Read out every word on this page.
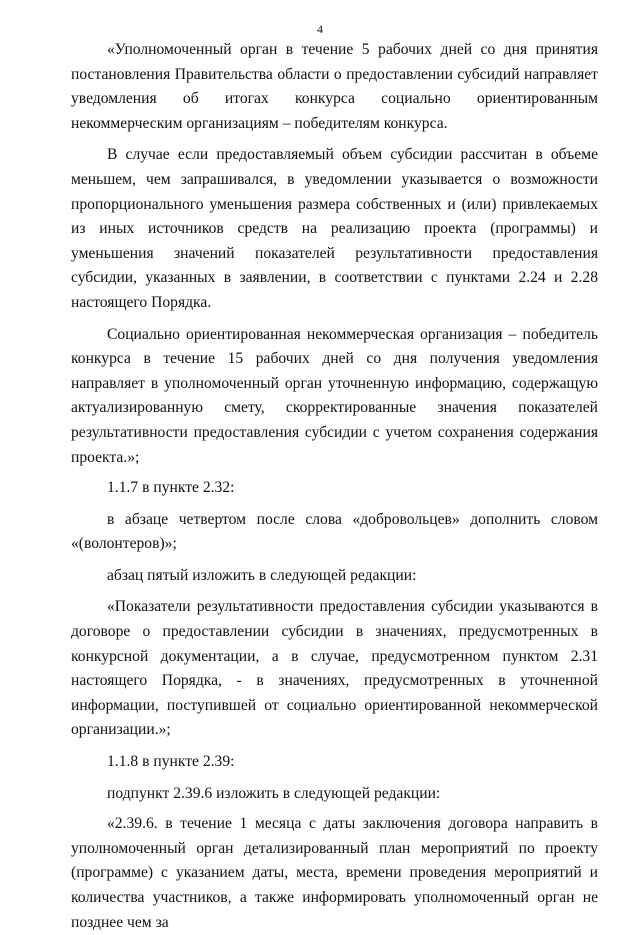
4

«Уполномоченный орган в течение 5 рабочих дней со дня принятия постановления Правительства области о предоставлении субсидий направляет уведомления об итогах конкурса социально ориентированным некоммерческим организациям – победителям конкурса.

В случае если предоставляемый объем субсидии рассчитан в объеме меньшем, чем запрашивался, в уведомлении указывается о возможности пропорционального уменьшения размера собственных и (или) привлекаемых из иных источников средств на реализацию проекта (программы) и уменьшения значений показателей результативности предоставления субсидии, указанных в заявлении, в соответствии с пунктами 2.24 и 2.28 настоящего Порядка.

Социально ориентированная некоммерческая организация – победитель конкурса в течение 15 рабочих дней со дня получения уведомления направляет в уполномоченный орган уточненную информацию, содержащую актуализированную смету, скорректированные значения показателей результативности предоставления субсидии с учетом сохранения содержания проекта.»;

1.1.7 в пункте 2.32:

в абзаце четвертом после слова «добровольцев» дополнить словом «(волонтеров)»;

абзац пятый изложить в следующей редакции:

«Показатели результативности предоставления субсидии указываются в договоре о предоставлении субсидии в значениях, предусмотренных в конкурсной документации, а в случае, предусмотренном пунктом 2.31 настоящего Порядка, - в значениях, предусмотренных в уточненной информации, поступившей от социально ориентированной некоммерческой организации.»;

1.1.8 в пункте 2.39:

подпункт 2.39.6 изложить в следующей редакции:

«2.39.6. в течение 1 месяца с даты заключения договора направить в уполномоченный орган детализированный план мероприятий по проекту (программе) с указанием даты, места, времени проведения мероприятий и количества участников, а также информировать уполномоченный орган не позднее чем за
